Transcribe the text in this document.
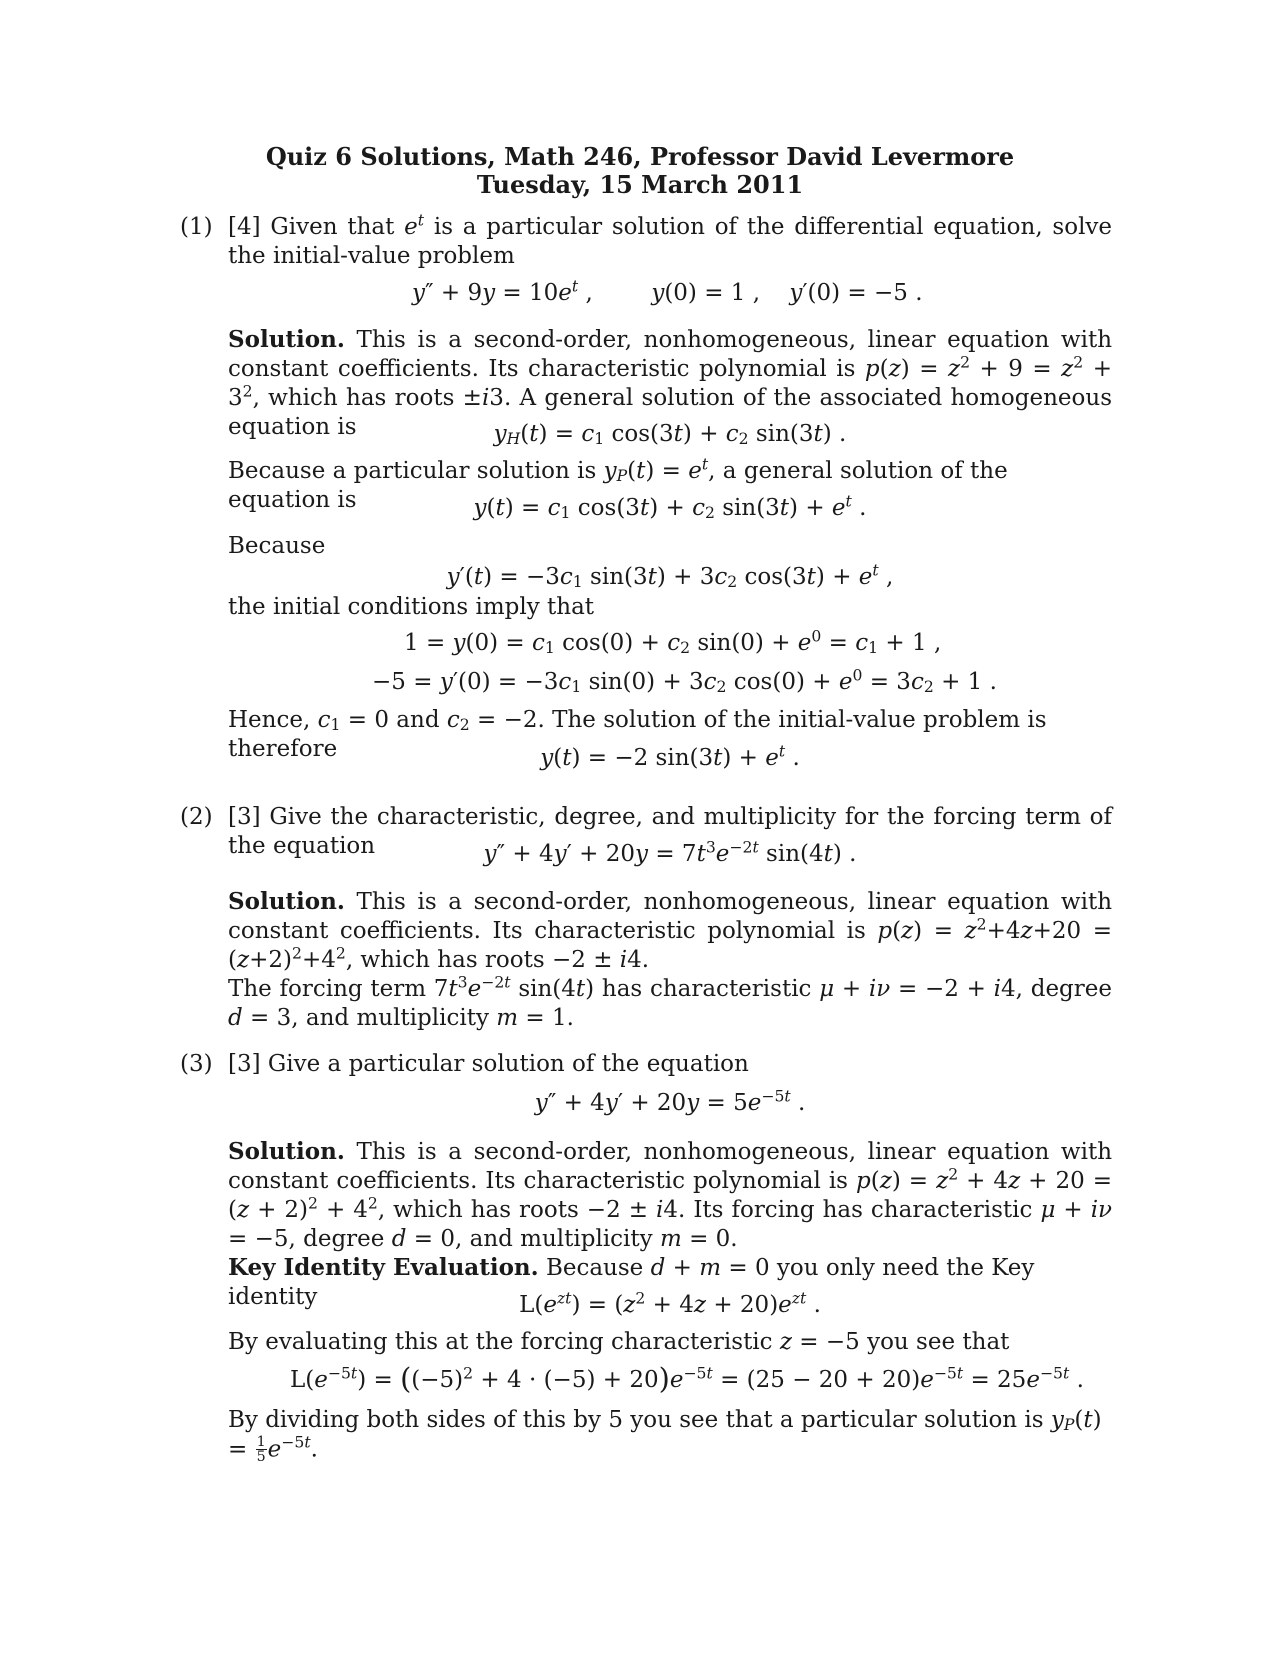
Quiz 6 Solutions, Math 246, Professor David Levermore
Tuesday, 15 March 2011
(1) [4] Given that $e^t$ is a particular solution of the differential equation, solve the initial-value problem
$y'' + 9y = 10e^t$ ,        y(0) = 1 ,    y′(0) = −5 .
Solution. This is a second-order, nonhomogeneous, linear equation with constant coefficients. Its characteristic polynomial is $p(z) = z^2 + 9 = z^2 + 3^2$, which has roots ±i3. A general solution of the associated homogeneous equation is	$y_H(t) = c_1$ $\cos(3t) + c_2$ sin(3t) .
Because a particular solution is $y_P(t) = e^t$, a general solution of the equation is	$y(t) = c_1$ $\cos(3t) + c_2$ $\sin(3t) + e^t$ .
Because
$y'(t) = -3c_1$ $\sin(3t) + 3c_2$ $\cos(3t) + e^t$ ,
the initial conditions imply that
$1 = y(0) = c_1$ $\cos(0) + c_2$ $\sin(0) + e^0 = c_1 + 1$ ,
$-5 = y'(0) = -3c_1$ $\sin(0) + 3c_2$ $\cos(0) + e^0 = 3c_2 + 1$ .
Hence, $c_1 = 0$ and $c_2 = -2$. The solution of the initial-value problem is therefore	y(t) = −2 $\sin(3t) + e^t$ .
(2) [3] Give the characteristic, degree, and multiplicity for the forcing term of the equation	$y'' + 4y' + 20y = 7t^3e^{-2t}$ sin(4t) .
Solution. This is a second-order, nonhomogeneous, linear equation with constant coefficients. Its characteristic polynomial is $p(z) = z^2+4z+20 = (z+2)^2+4^2$, which has roots −2 ± i4.
The forcing term $7t^3e^{-2t}$ sin(4t) has characteristic μ + iν = −2 + i4, degree d = 3, and multiplicity m = 1.
(3) [3] Give a particular solution of the equation
$y'' + 4y' + 20y = 5e^{-5t}$ .
Solution. This is a second-order, nonhomogeneous, linear equation with constant coefficients. Its characteristic polynomial is $p(z) = z^2 + 4z + 20 = (z + 2)^2 + 4^2$, which has roots −2 ± i4. Its forcing has characteristic μ + iν = −5, degree d = 0, and multiplicity m = 0.
Key Identity Evaluation. Because d + m = 0 you only need the Key identity	$L(e^{zt}) = (z^2 + 4z + 20)e^{zt}$ .
By evaluating this at the forcing characteristic z = −5 you see that
$L(e^{-5t}) = ((-5)^2 + 4 \cdot (-5) + 20)e^{-5t} = (25 - 20 + 20)e^{-5t} = 25e^{-5t}$ .
By dividing both sides of this by 5 you see that a particular solution is $y_P(t) = \frac{1}{5} e^{-5t}$.
